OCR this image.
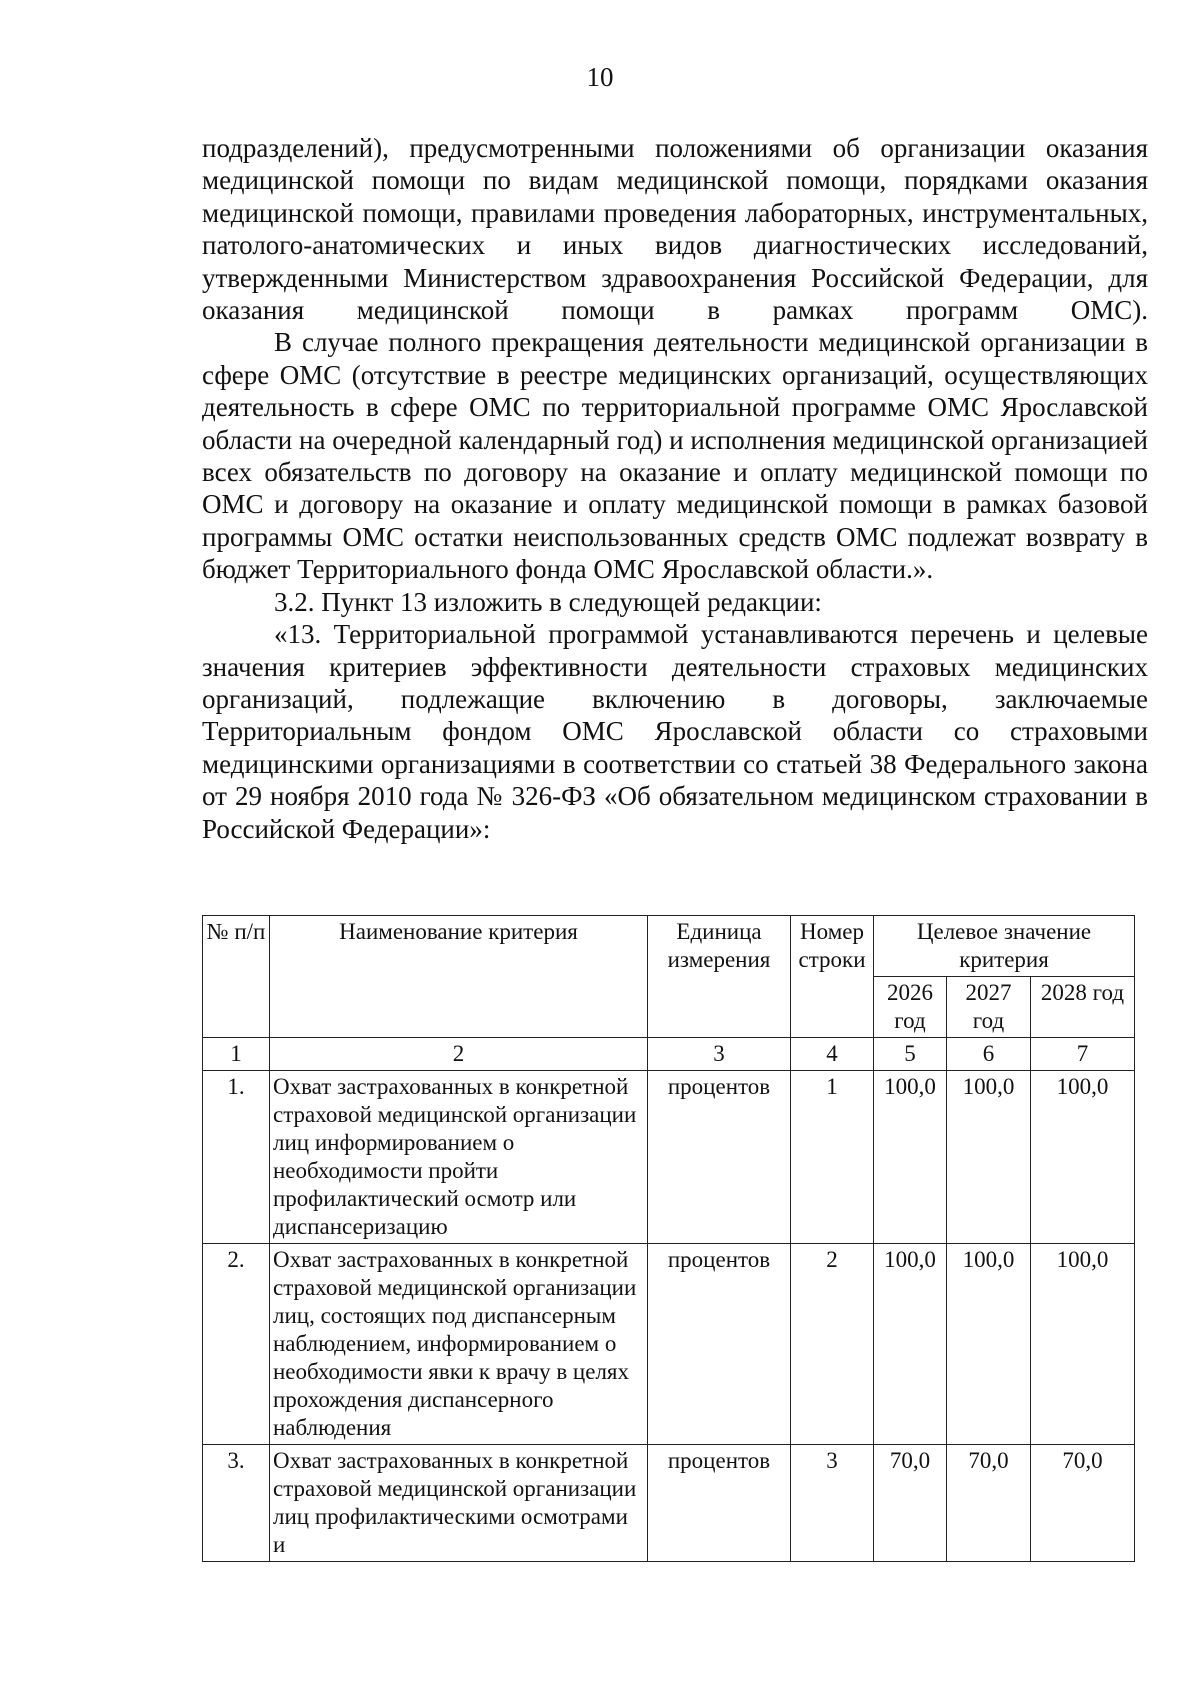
10

подразделений), предусмотренными положениями об организации оказания медицинской помощи по видам медицинской помощи, порядками оказания медицинской помощи, правилами проведения лабораторных, инструментальных, патолого-анатомических и иных видов диагностических исследований, утвержденными Министерством здравоохранения Российской Федерации, для оказания медицинской помощи в рамках программ ОМС).

В случае полного прекращения деятельности медицинской организации в сфере ОМС (отсутствие в реестре медицинских организаций, осуществляющих деятельность в сфере ОМС по территориальной программе ОМС Ярославской области на очередной календарный год) и исполнения медицинской организацией всех обязательств по договору на оказание и оплату медицинской помощи по ОМС и договору на оказание и оплату медицинской помощи в рамках базовой программы ОМС остатки неиспользованных средств ОМС подлежат возврату в бюджет Территориального фонда ОМС Ярославской области.».

3.2. Пункт 13 изложить в следующей редакции:

«13. Территориальной программой устанавливаются перечень и целевые значения критериев эффективности деятельности страховых медицинских организаций, подлежащие включению в договоры, заключаемые Территориальным фондом ОМС Ярославской области со страховыми медицинскими организациями в соответствии со статьей 38 Федерального закона от 29 ноября 2010 года № 326-ФЗ «Об обязательном медицинском страховании в Российской Федерации»:

№ п/п	Наименование критерия	Единица измерения	Номер строки	Целевое значение критерия		
				2026 год	2027 год	2028 год
1	2	3	4	5	6	7
1.	Охват застрахованных в конкретной страховой медицинской организации лиц информированием о необходимости пройти профилактический осмотр или диспансеризацию	процентов	1	100,0	100,0	100,0
2.	Охват застрахованных в конкретной страховой медицинской организации лиц, состоящих под диспансерным наблюдением, информированием о необходимости явки к врачу в целях прохождения диспансерного наблюдения	процентов	2	100,0	100,0	100,0
3.	Охват застрахованных в конкретной страховой медицинской организации лиц профилактическими осмотрами и	процентов	3	70,0	70,0	70,0
